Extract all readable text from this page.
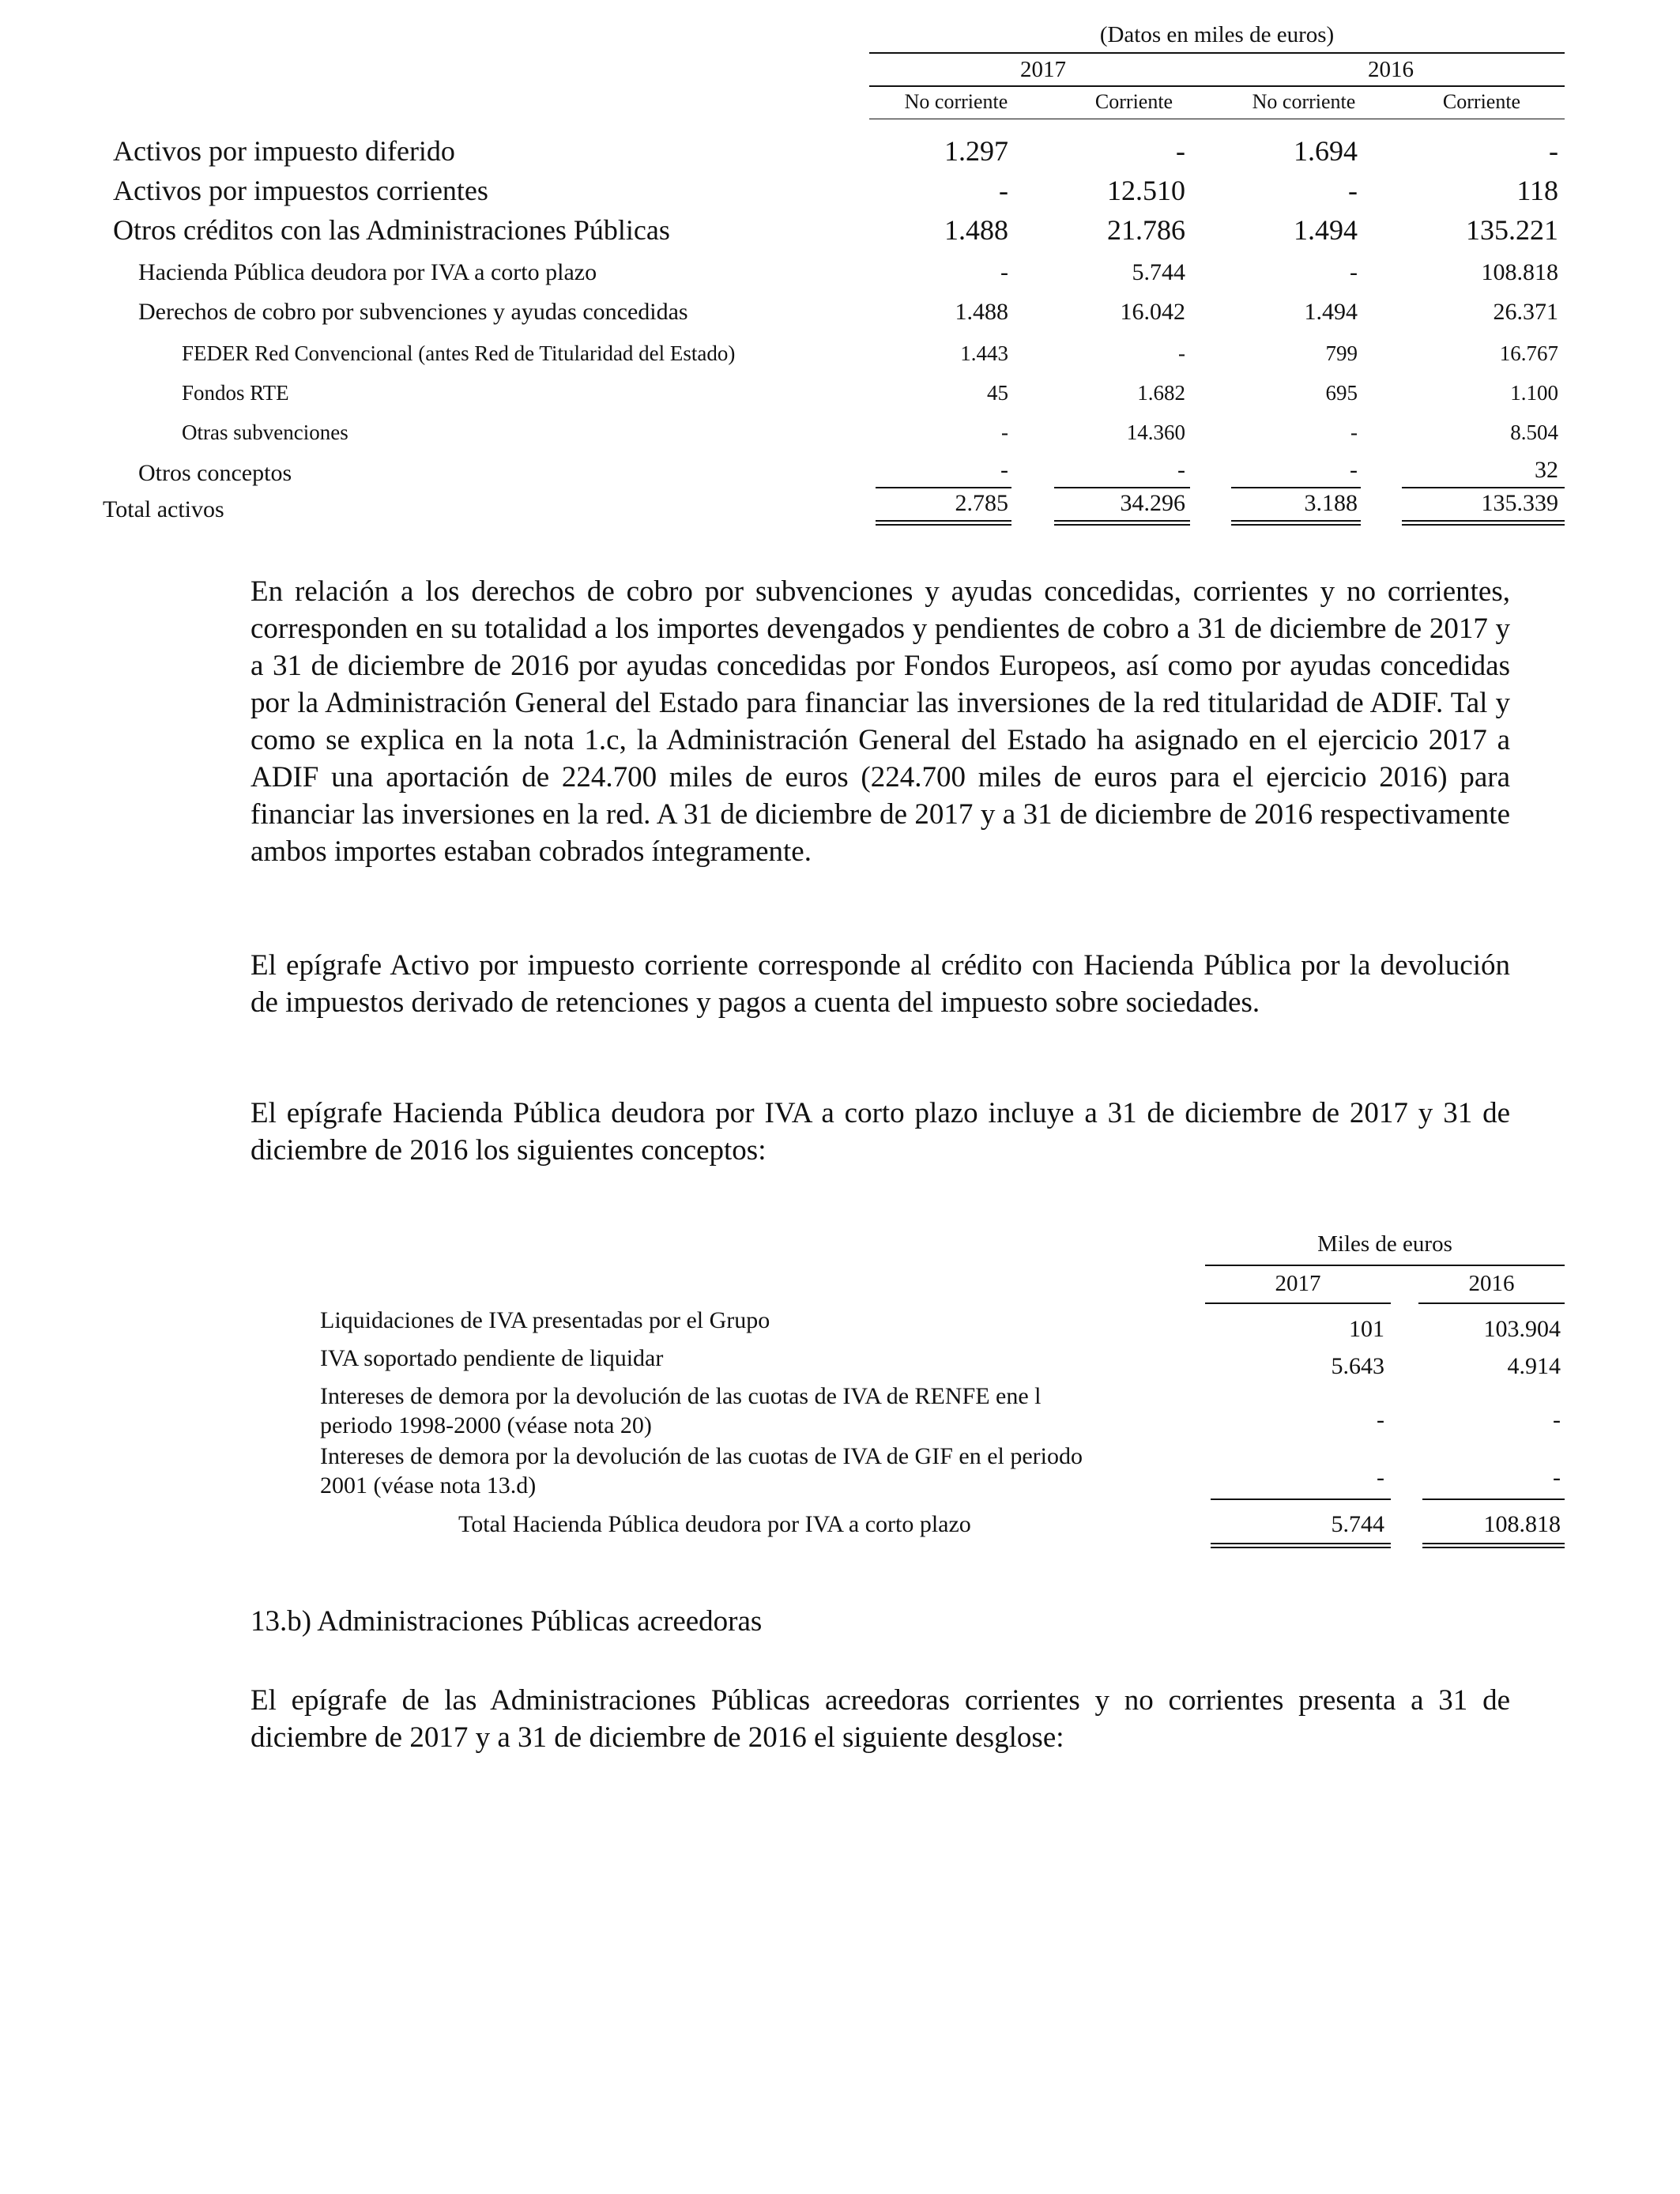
(Datos en miles de euros)
2017	2016
No corriente	Corriente	No corriente	Corriente
Activos por impuesto diferido	1.297	-	1.694	-
Activos por impuestos corrientes	-	12.510	-	118
Otros créditos con las Administraciones Públicas	1.488	21.786	1.494	135.221
Hacienda Pública deudora por IVA a corto plazo	-	5.744	-	108.818
Derechos de cobro por subvenciones y ayudas concedidas	1.488	16.042	1.494	26.371
FEDER Red Convencional (antes Red de Titularidad del Estado)	1.443	-	799	16.767
Fondos RTE	45	1.682	695	1.100
Otras subvenciones	-	14.360	-	8.504
Otros conceptos	-	-	-	32
Total activos	2.785	34.296	3.188	135.339

En relación a los derechos de cobro por subvenciones y ayudas concedidas, corrientes y no corrientes, corresponden en su totalidad a los importes devengados y pendientes de cobro a 31 de diciembre de 2017 y a 31 de diciembre de 2016 por ayudas concedidas por Fondos Europeos, así como por ayudas concedidas por la Administración General del Estado para financiar las inversiones de la red titularidad de ADIF. Tal y como se explica en la nota 1.c, la Administración General del Estado ha asignado en el ejercicio 2017 a ADIF una aportación de 224.700 miles de euros (224.700 miles de euros para el ejercicio 2016) para financiar las inversiones en la red. A 31 de diciembre de 2017 y a 31 de diciembre de 2016 respectivamente ambos importes estaban cobrados íntegramente.

El epígrafe Activo por impuesto corriente corresponde al crédito con Hacienda Pública por la devolución de impuestos derivado de retenciones y pagos a cuenta del impuesto sobre sociedades.

El epígrafe Hacienda Pública deudora por IVA a corto plazo incluye a 31 de diciembre de 2017 y 31 de diciembre de 2016 los siguientes conceptos:

Miles de euros
2017	2016
Liquidaciones de IVA presentadas por el Grupo	101	103.904
IVA soportado pendiente de liquidar	5.643	4.914
Intereses de demora por la devolución de las cuotas de IVA de RENFE ene l
periodo 1998-2000 (véase nota 20)	-	-
Intereses de demora por la devolución de las cuotas de IVA de GIF en el periodo
2001 (véase nota 13.d)	-	-
Total Hacienda Pública deudora por IVA a corto plazo	5.744	108.818
13.b) Administraciones Públicas acreedoras

El epígrafe de las Administraciones Públicas acreedoras corrientes y no corrientes presenta a 31 de diciembre de 2017 y a 31 de diciembre de 2016 el siguiente desglose:
